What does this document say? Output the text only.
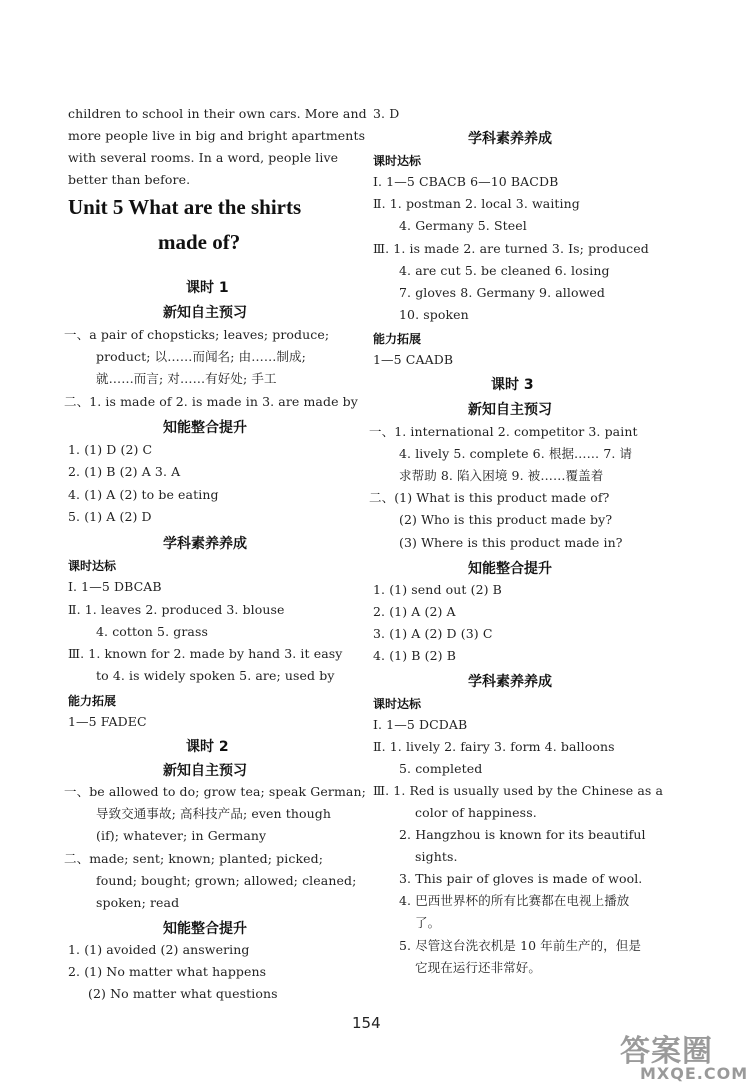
children to school in their own cars. More and
more people live in big and bright apartments
with several rooms. In a word, people live
better than before.
Unit 5 What are the shirts
made of?
课时 1
新知自主预习
一、a pair of chopsticks; leaves; produce;
product; 以……而闻名; 由……制成;
就……而言; 对……有好处; 手工
二、1. is made of 2. is made in 3. are made by
知能整合提升
1. (1) D (2) C
2. (1) B (2) A 3. A
4. (1) A (2) to be eating
5. (1) A (2) D
学科素养养成
课时达标
Ⅰ. 1—5 DBCAB
Ⅱ. 1. leaves 2. produced 3. blouse
4. cotton 5. grass
Ⅲ. 1. known for 2. made by hand 3. it easy
to 4. is widely spoken 5. are; used by
能力拓展
1—5 FADEC
课时 2
新知自主预习
一、be allowed to do; grow tea; speak German;
导致交通事故; 高科技产品; even though
(if); whatever; in Germany
二、made; sent; known; planted; picked;
found; bought; grown; allowed; cleaned;
spoken; read
知能整合提升
1. (1) avoided (2) answering
2. (1) No matter what happens
(2) No matter what questions
3. D
学科素养养成
课时达标
Ⅰ. 1—5 CBACB 6—10 BACDB
Ⅱ. 1. postman 2. local 3. waiting
4. Germany 5. Steel
Ⅲ. 1. is made 2. are turned 3. Is; produced
4. are cut 5. be cleaned 6. losing
7. gloves 8. Germany 9. allowed
10. spoken
能力拓展
1—5 CAADB
课时 3
新知自主预习
一、1. international 2. competitor 3. paint
4. lively 5. complete 6. 根据…… 7. 请
求帮助 8. 陷入困境 9. 被……覆盖着
二、(1) What is this product made of?
(2) Who is this product made by?
(3) Where is this product made in?
知能整合提升
1. (1) send out (2) B
2. (1) A (2) A
3. (1) A (2) D (3) C
4. (1) B (2) B
学科素养养成
课时达标
Ⅰ. 1—5 DCDAB
Ⅱ. 1. lively 2. fairy 3. form 4. balloons
5. completed
Ⅲ. 1. Red is usually used by the Chinese as a
color of happiness.
2. Hangzhou is known for its beautiful
sights.
3. This pair of gloves is made of wool.
4. 巴西世界杯的所有比赛都在电视上播放
了。
5. 尽管这台洗衣机是 10 年前生产的，但是
它现在运行还非常好。
154
答案圈
MXQE.COM
